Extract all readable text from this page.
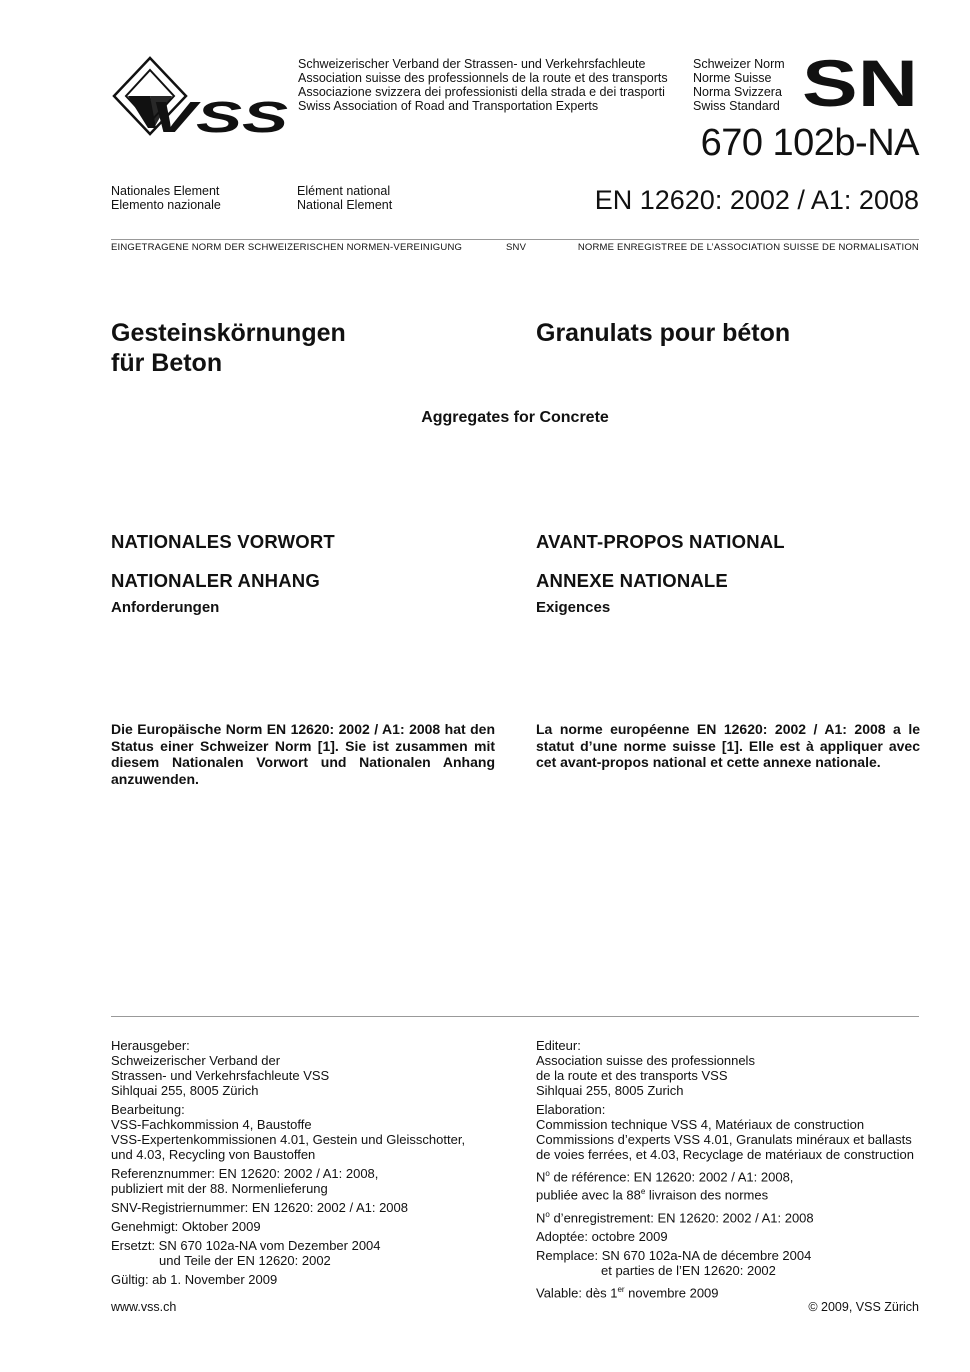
VSS
Schweizerischer Verband der Strassen- und Verkehrsfachleute
Association suisse des professionnels de la route et des transports
Associazione svizzera dei professionisti della strada e dei trasporti
Swiss Association of Road and Transportation Experts
Schweizer Norm
Norme Suisse
Norma Svizzera
Swiss Standard SN
670 102b-NA
Nationales Element
Elemento nazionale
Elément national
National Element	EN 12620: 2002 / A1: 2008
EINGETRAGENE NORM DER SCHWEIZERISCHEN NORMEN-VEREINIGUNG	SNV	NORME ENREGISTREE DE L’ASSOCIATION SUISSE DE NORMALISATION
Gesteinskörnungen
für Beton
Granulats pour béton
Aggregates for Concrete
NATIONALES VORWORT
NATIONALER ANHANG
Anforderungen
AVANT-PROPOS NATIONAL
ANNEXE NATIONALE
Exigences
Die Europäische Norm EN 12620: 2002 / A1: 2008 hat den Status einer Schweizer Norm [1]. Sie ist zusammen mit diesem Nationalen Vorwort und Nationalen Anhang anzuwenden.
La norme européenne EN 12620: 2002 / A1: 2008 a le statut d’une norme suisse [1]. Elle est à appliquer avec cet avant-propos national et cette annexe nationale.

Herausgeber:
Schweizerischer Verband der
Strassen- und Verkehrsfachleute VSS
Sihlquai 255, 8005 Zürich

Bearbeitung:
VSS-Fachkommission 4, Baustoffe
VSS-Expertenkommissionen 4.01, Gestein und Gleisschotter,
und 4.03, Recycling von Baustoffen

Referenznummer: EN 12620: 2002 / A1: 2008,
publiziert mit der 88. Normenlieferung

SNV-Registriernummer: EN 12620: 2002 / A1: 2008

Genehmigt: Oktober 2009

Ersetzt: SN 670 102a-NA vom Dezember 2004
und Teile der EN 12620: 2002

Gültig: ab 1. November 2009

Editeur:
Association suisse des professionnels
de la route et des transports VSS
Sihlquai 255, 8005 Zurich

Elaboration:
Commission technique VSS 4, Matériaux de construction
Commissions d’experts VSS 4.01, Granulats minéraux et ballasts
de voies ferrées, et 4.03, Recyclage de matériaux de construction

$N^o$ de référence: EN 12620: 2002 / A1: 2008,
publiée avec la 88e livraison des normes

$N^o$ d’enregistrement: EN 12620: 2002 / A1: 2008

Adoptée: octobre 2009

Remplace: SN 670 102a-NA de décembre 2004
et parties de l’EN 12620: 2002

Valable: dès 1er novembre 2009

www.vss.ch	© 2009, VSS Zürich
